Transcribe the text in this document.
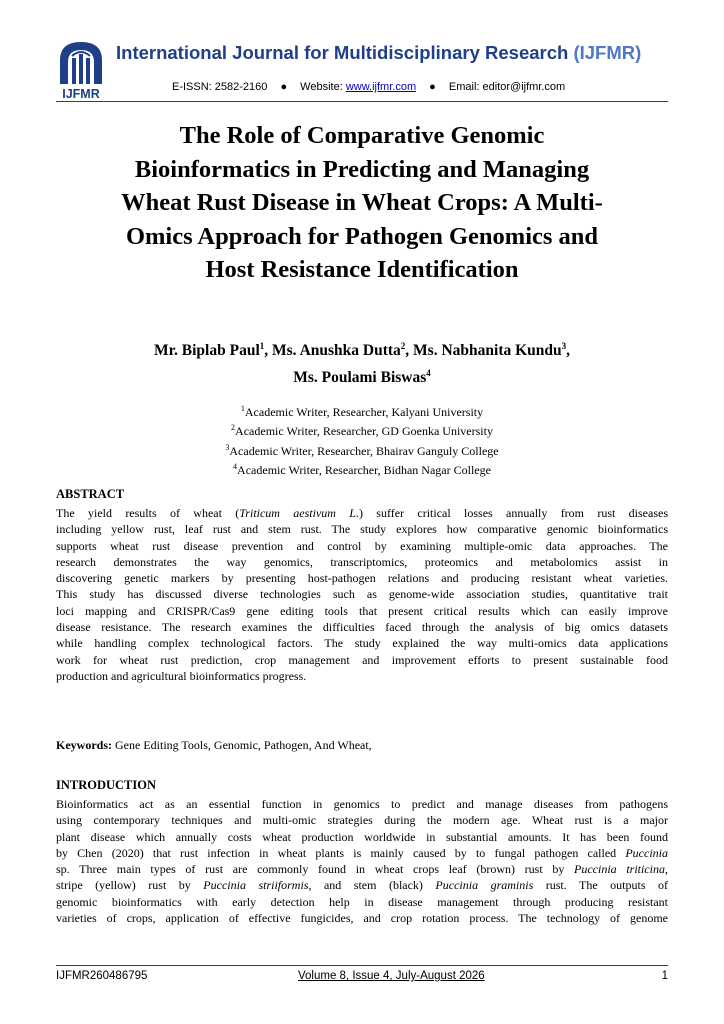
IJFMR
International Journal for Multidisciplinary Research (IJFMR)
E-ISSN: 2582-2160 ● Website: www.ijfmr.com ● Email: editor@ijfmr.com
The Role of Comparative Genomic
Bioinformatics in Predicting and Managing
Wheat Rust Disease in Wheat Crops: A Multi-
Omics Approach for Pathogen Genomics and
Host Resistance Identification
Mr. Biplab Paul$^1$, Ms. Anushka Dutta$^2$, Ms. Nabhanita Kundu$^3$,
Ms. Poulami Biswas$^4$
$^1$Academic Writer, Researcher, Kalyani University
$^2$Academic Writer, Researcher, GD Goenka University
$^3$Academic Writer, Researcher, Bhairav Ganguly College
$^4$Academic Writer, Researcher, Bidhan Nagar College
ABSTRACT
The yield results of wheat (Triticum aestivum L.) suffer critical losses annually from rust diseases
including yellow rust, leaf rust and stem rust. The study explores how comparative genomic bioinformatics
supports wheat rust disease prevention and control by examining multiple-omic data approaches. The
research demonstrates the way genomics, transcriptomics, proteomics and metabolomics assist in
discovering genetic markers by presenting host-pathogen relations and producing resistant wheat varieties.
This study has discussed diverse technologies such as genome-wide association studies, quantitative trait
loci mapping and CRISPR/Cas9 gene editing tools that present critical results which can easily improve
disease resistance. The research examines the difficulties faced through the analysis of big omics datasets
while handling complex technological factors. The study explained the way multi-omics data applications
work for wheat rust prediction, crop management and improvement efforts to present sustainable food
production and agricultural bioinformatics progress.
Keywords: Gene Editing Tools, Genomic, Pathogen, And Wheat,
INTRODUCTION
Bioinformatics act as an essential function in genomics to predict and manage diseases from pathogens
using contemporary techniques and multi-omic strategies during the modern age. Wheat rust is a major
plant disease which annually costs wheat production worldwide in substantial amounts. It has been found
by Chen (2020) that rust infection in wheat plants is mainly caused by to fungal pathogen called Puccinia
sp. Three main types of rust are commonly found in wheat crops leaf (brown) rust by Puccinia triticina,
stripe (yellow) rust by Puccinia striiformis, and stem (black) Puccinia graminis rust. The outputs of
genomic bioinformatics with early detection help in disease management through producing resistant
varieties of crops, application of effective fungicides, and crop rotation process. The technology of genome
IJFMR260486795	Volume 8, Issue 4, July-August 2026	1
